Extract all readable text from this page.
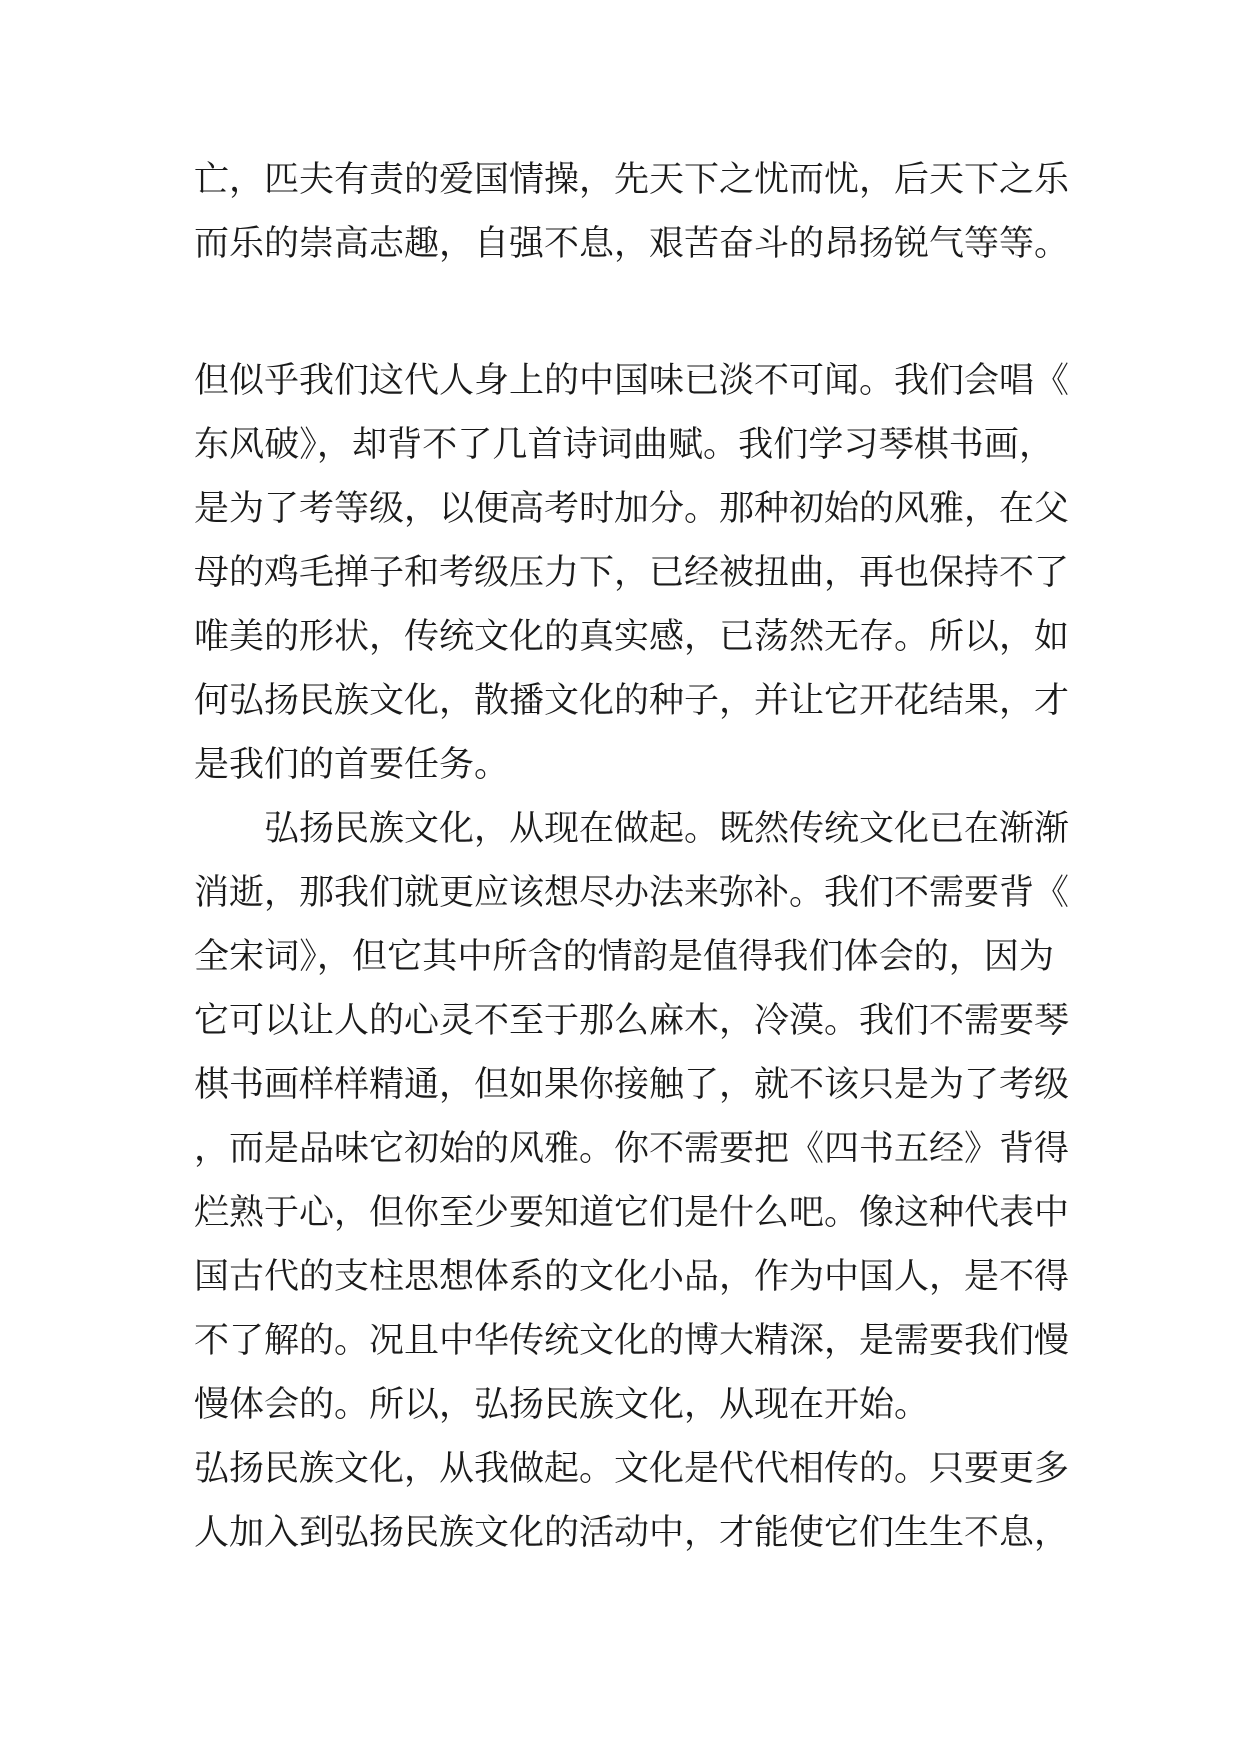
亡，匹夫有责的爱国情操，先天下之忧而忧，后天下之乐
而乐的崇高志趣，自强不息，艰苦奋斗的昂扬锐气等等。
但似乎我们这代人身上的中国味已淡不可闻。我们会唱《
东风破》，却背不了几首诗词曲赋。我们学习琴棋书画，
是为了考等级，以便高考时加分。那种初始的风雅，在父
母的鸡毛掸子和考级压力下，已经被扭曲，再也保持不了
唯美的形状，传统文化的真实感，已荡然无存。所以，如
何弘扬民族文化，散播文化的种子，并让它开花结果，才
是我们的首要任务。
弘扬民族文化，从现在做起。既然传统文化已在渐渐
消逝，那我们就更应该想尽办法来弥补。我们不需要背《
全宋词》，但它其中所含的情韵是值得我们体会的，因为
它可以让人的心灵不至于那么麻木，冷漠。我们不需要琴
棋书画样样精通，但如果你接触了，就不该只是为了考级
，而是品味它初始的风雅。你不需要把《四书五经》背得
烂熟于心，但你至少要知道它们是什么吧。像这种代表中
国古代的支柱思想体系的文化小品，作为中国人，是不得
不了解的。况且中华传统文化的博大精深，是需要我们慢
慢体会的。所以，弘扬民族文化，从现在开始。
弘扬民族文化，从我做起。文化是代代相传的。只要更多
人加入到弘扬民族文化的活动中，才能使它们生生不息，
